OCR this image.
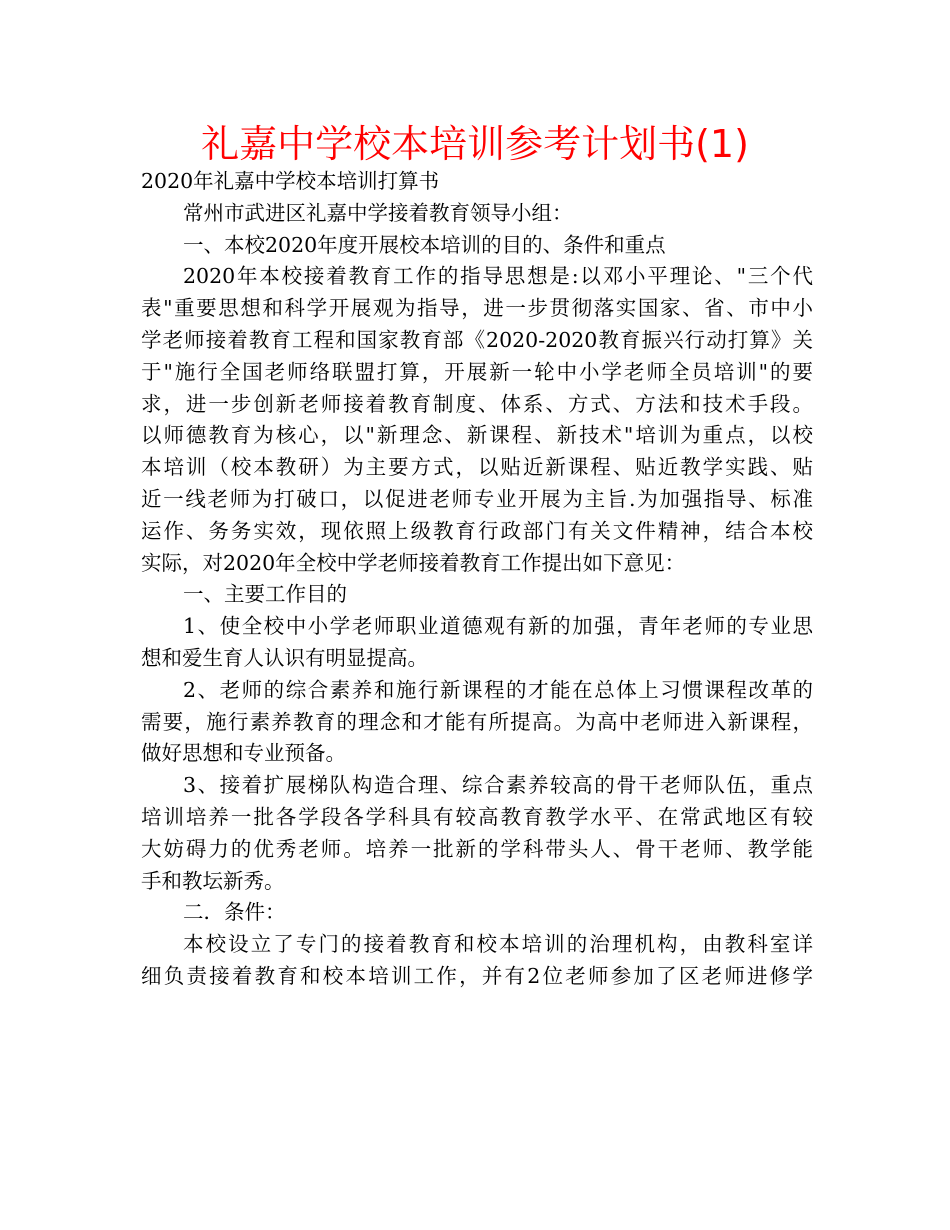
礼嘉中学校本培训参考计划书(1)
2020年礼嘉中学校本培训打算书
常州市武进区礼嘉中学接着教育领导小组：
一、本校2020年度开展校本培训的目的、条件和重点
2020年本校接着教育工作的指导思想是:以邓小平理论、"三个代
表"重要思想和科学开展观为指导，进一步贯彻落实国家、省、市中小
学老师接着教育工程和国家教育部《2020-2020教育振兴行动打算》关
于"施行全国老师络联盟打算，开展新一轮中小学老师全员培训"的要
求，进一步创新老师接着教育制度、体系、方式、方法和技术手段。
以师德教育为核心，以"新理念、新课程、新技术"培训为重点，以校
本培训（校本教研）为主要方式，以贴近新课程、贴近教学实践、贴
近一线老师为打破口，以促进老师专业开展为主旨.为加强指导、标准
运作、务务实效，现依照上级教育行政部门有关文件精神，结合本校
实际，对2020年全校中学老师接着教育工作提出如下意见：
一、主要工作目的
1、使全校中小学老师职业道德观有新的加强，青年老师的专业思
想和爱生育人认识有明显提高。
2、老师的综合素养和施行新课程的才能在总体上习惯课程改革的
需要，施行素养教育的理念和才能有所提高。为高中老师进入新课程，
做好思想和专业预备。
3、接着扩展梯队构造合理、综合素养较高的骨干老师队伍，重点
培训培养一批各学段各学科具有较高教育教学水平、在常武地区有较
大妨碍力的优秀老师。培养一批新的学科带头人、骨干老师、教学能
手和教坛新秀。
二．条件：
本校设立了专门的接着教育和校本培训的治理机构，由教科室详
细负责接着教育和校本培训工作，并有2位老师参加了区老师进修学
